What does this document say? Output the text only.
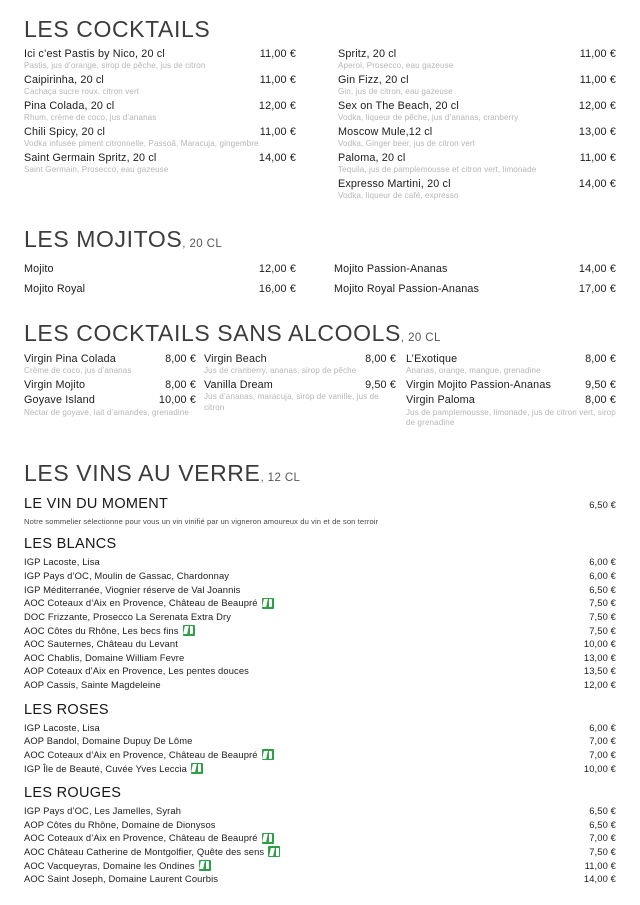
LES COCKTAILS
Ici c’est Pastis by Nico, 20 cl	11,00 €
Pastis, jus d’orange, sirop de pêche, jus de citron
Caipirinha, 20 cl	11,00 €
Cachaça sucre roux, citron vert
Pina Colada, 20 cl	12,00 €
Rhum, crème de coco, jus d’ananas
Chili Spicy, 20 cl	11,00 €
Vodka infusée piment citronnelle, Passoã, Maracuja, gingembre
Saint Germain Spritz, 20 cl	14,00 €
Saint Germain, Prosecco, eau gazeuse
Spritz, 20 cl	11,00 €
Aperol, Prosecco, eau gazeuse
Gin Fizz, 20 cl	11,00 €
Gin, jus de citron, eau gazeuse
Sex on The Beach, 20 cl	12,00 €
Vodka, liqueur de pêche, jus d’ananas, cranberry
Moscow Mule,12 cl	13,00 €
Vodka, Ginger beer, jus de citron vert
Paloma, 20 cl	11,00 €
Tequila, jus de pamplemousse et citron vert, limonade
Expresso Martini, 20 cl	14,00 €
Vodka, liqueur de café, expresso
LES MOJITOS, 20 CL
Mojito	12,00 €
Mojito Royal	16,00 €
Mojito Passion-Ananas	14,00 €
Mojito Royal Passion-Ananas	17,00 €
LES COCKTAILS SANS ALCOOLS, 20 CL
Virgin Pina Colada	8,00 €
Crème de coco, jus d’ananas
Virgin Mojito	8,00 €
Goyave Island	10,00 €
Nectar de goyave, lait d’amandes, grenadine
Virgin Beach	8,00 €
Jus de cranberry, ananas, sirop de pêche
Vanilla Dream	9,50 €
Jus d’ananas, maracuja, sirop de vanille, jus de citron
L’Exotique	8,00 €
Ananas, orange, mangue, grenadine
Virgin Mojito Passion-Ananas	9,50 €
Virgin Paloma	8,00 €
Jus de pamplemousse, limonade, jus de citron vert, sirop de grenadine
LES VINS AU VERRE, 12 CL
LE VIN DU MOMENT	6,50 €
Notre sommelier sélectionne pour vous un vin vinifié par un vigneron amoureux du vin et de son terroir
LES BLANCS
IGP Lacoste, Lisa	6,00 €
IGP Pays d’OC, Moulin de Gassac, Chardonnay	6,00 €
IGP Méditerranée, Viognier réserve de Val Joannis	6,50 €
AOC Coteaux d’Aix en Provence, Château de Beaupré	7,50 €
DOC Frizzante, Prosecco La Serenata Extra Dry	7,50 €
AOC Côtes du Rhône, Les becs fins	7,50 €
AOC Sauternes, Château du Levant	10,00 €
AOC Chablis, Domaine William Fevre	13,00 €
AOP Coteaux d’Aix en Provence, Les pentes douces	13,50 €
AOP Cassis, Sainte Magdeleine	12,00 €
LES ROSES
IGP Lacoste, Lisa	6,00 €
AOP Bandol, Domaine Dupuy De Lôme	7,00 €
AOC Coteaux d’Aix en Provence, Château de Beaupré	7,00 €
IGP Île de Beauté, Cuvée Yves Leccia	10,00 €
LES ROUGES
IGP Pays d’OC, Les Jamelles, Syrah	6,50 €
AOP Côtes du Rhône, Domaine de Dionysos	6,50 €
AOC Coteaux d’Aix en Provence, Château de Beaupré	7,00 €
AOC Château Catherine de Montgolfier, Quête des sens	7,50 €
AOC Vacqueyras, Domaine les Ondines	11,00 €
AOC Saint Joseph, Domaine Laurent Courbis	14,00 €
